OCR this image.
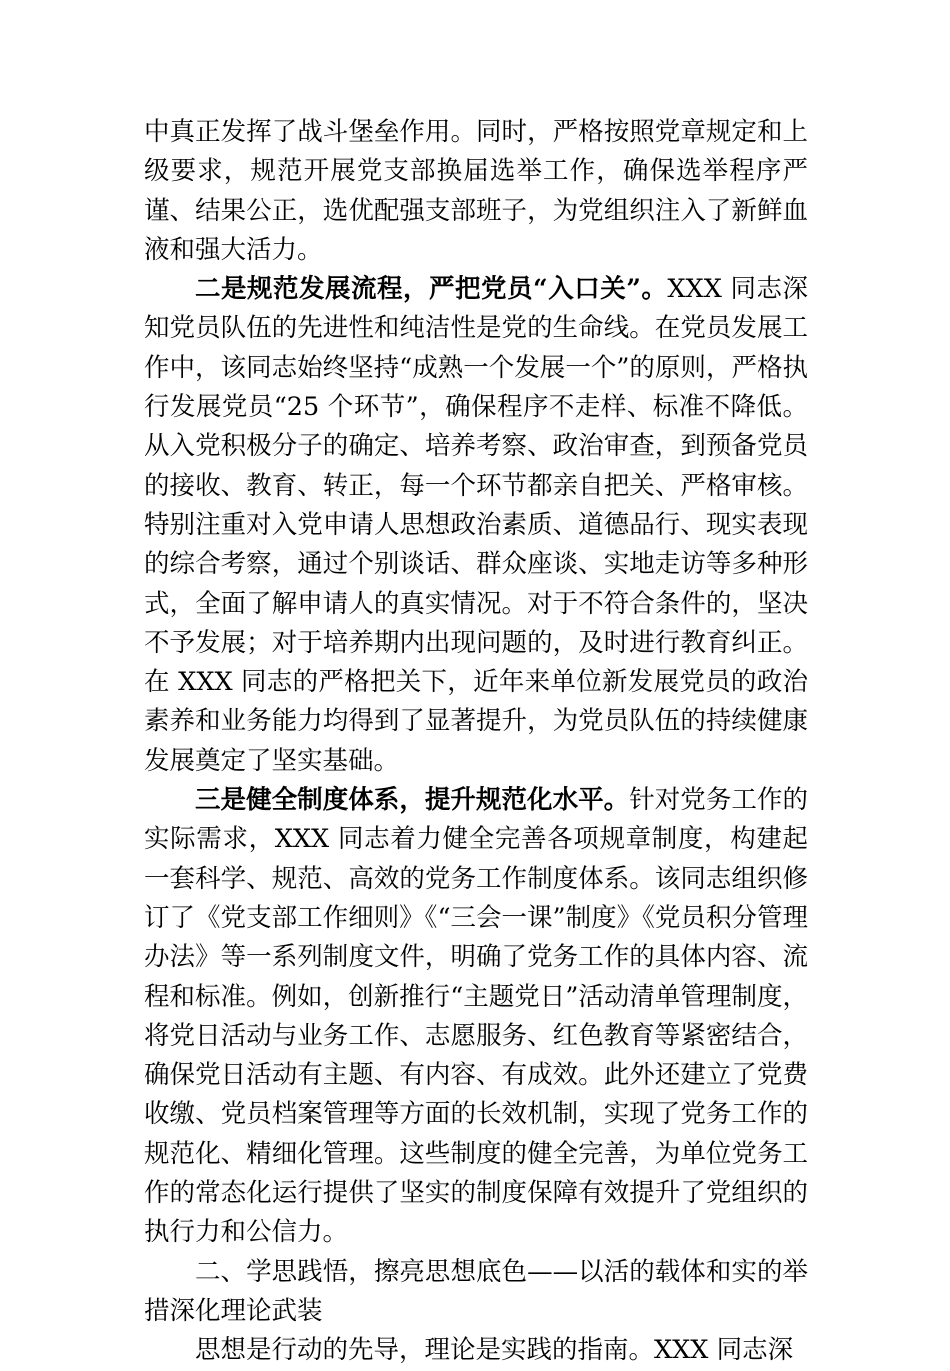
中真正发挥了战斗堡垒作用。同时，严格按照党章规定和上级要求，规范开展党支部换届选举工作，确保选举程序严谨、结果公正，选优配强支部班子，为党组织注入了新鲜血液和强大活力。

二是规范发展流程，严把党员“入口关”。XXX 同志深知党员队伍的先进性和纯洁性是党的生命线。在党员发展工作中，该同志始终坚持“成熟一个发展一个”的原则，严格执行发展党员“25 个环节”，确保程序不走样、标准不降低。从入党积极分子的确定、培养考察、政治审查，到预备党员的接收、教育、转正，每一个环节都亲自把关、严格审核。特别注重对入党申请人思想政治素质、道德品行、现实表现的综合考察，通过个别谈话、群众座谈、实地走访等多种形式，全面了解申请人的真实情况。对于不符合条件的，坚决不予发展；对于培养期内出现问题的，及时进行教育纠正。在 XXX 同志的严格把关下，近年来单位新发展党员的政治素养和业务能力均得到了显著提升，为党员队伍的持续健康发展奠定了坚实基础。

三是健全制度体系，提升规范化水平。针对党务工作的实际需求，XXX 同志着力健全完善各项规章制度，构建起一套科学、规范、高效的党务工作制度体系。该同志组织修订了《党支部工作细则》《“三会一课”制度》《党员积分管理办法》等一系列制度文件，明确了党务工作的具体内容、流程和标准。例如，创新推行“主题党日”活动清单管理制度，将党日活动与业务工作、志愿服务、红色教育等紧密结合，确保党日活动有主题、有内容、有成效。此外还建立了党费收缴、党员档案管理等方面的长效机制，实现了党务工作的规范化、精细化管理。这些制度的健全完善，为单位党务工作的常态化运行提供了坚实的制度保障有效提升了党组织的执行力和公信力。

二、学思践悟，擦亮思想底色——以活的载体和实的举措深化理论武装

思想是行动的先导，理论是实践的指南。XXX 同志深
